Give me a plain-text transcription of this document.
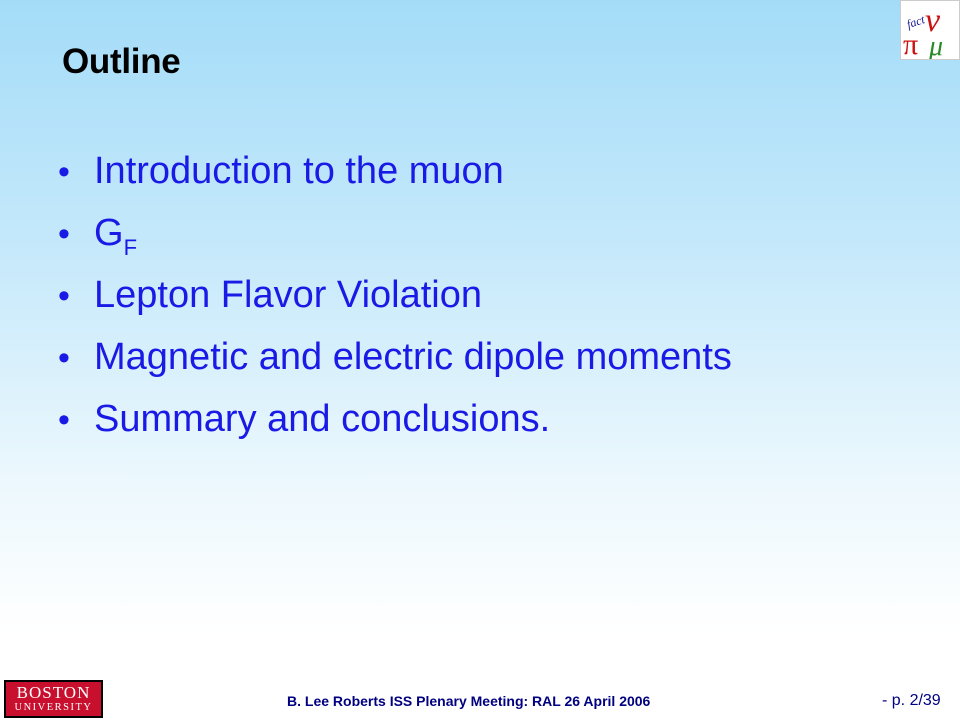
Outline
fact
ν
π μ
• Introduction to the muon
• G F
• Lepton Flavor Violation
• Magnetic and electric dipole moments
• Summary and conclusions.
BOSTON
UNIVERSITY	B. Lee Roberts ISS Plenary Meeting: RAL 26 April 2006	- p. 2/39
